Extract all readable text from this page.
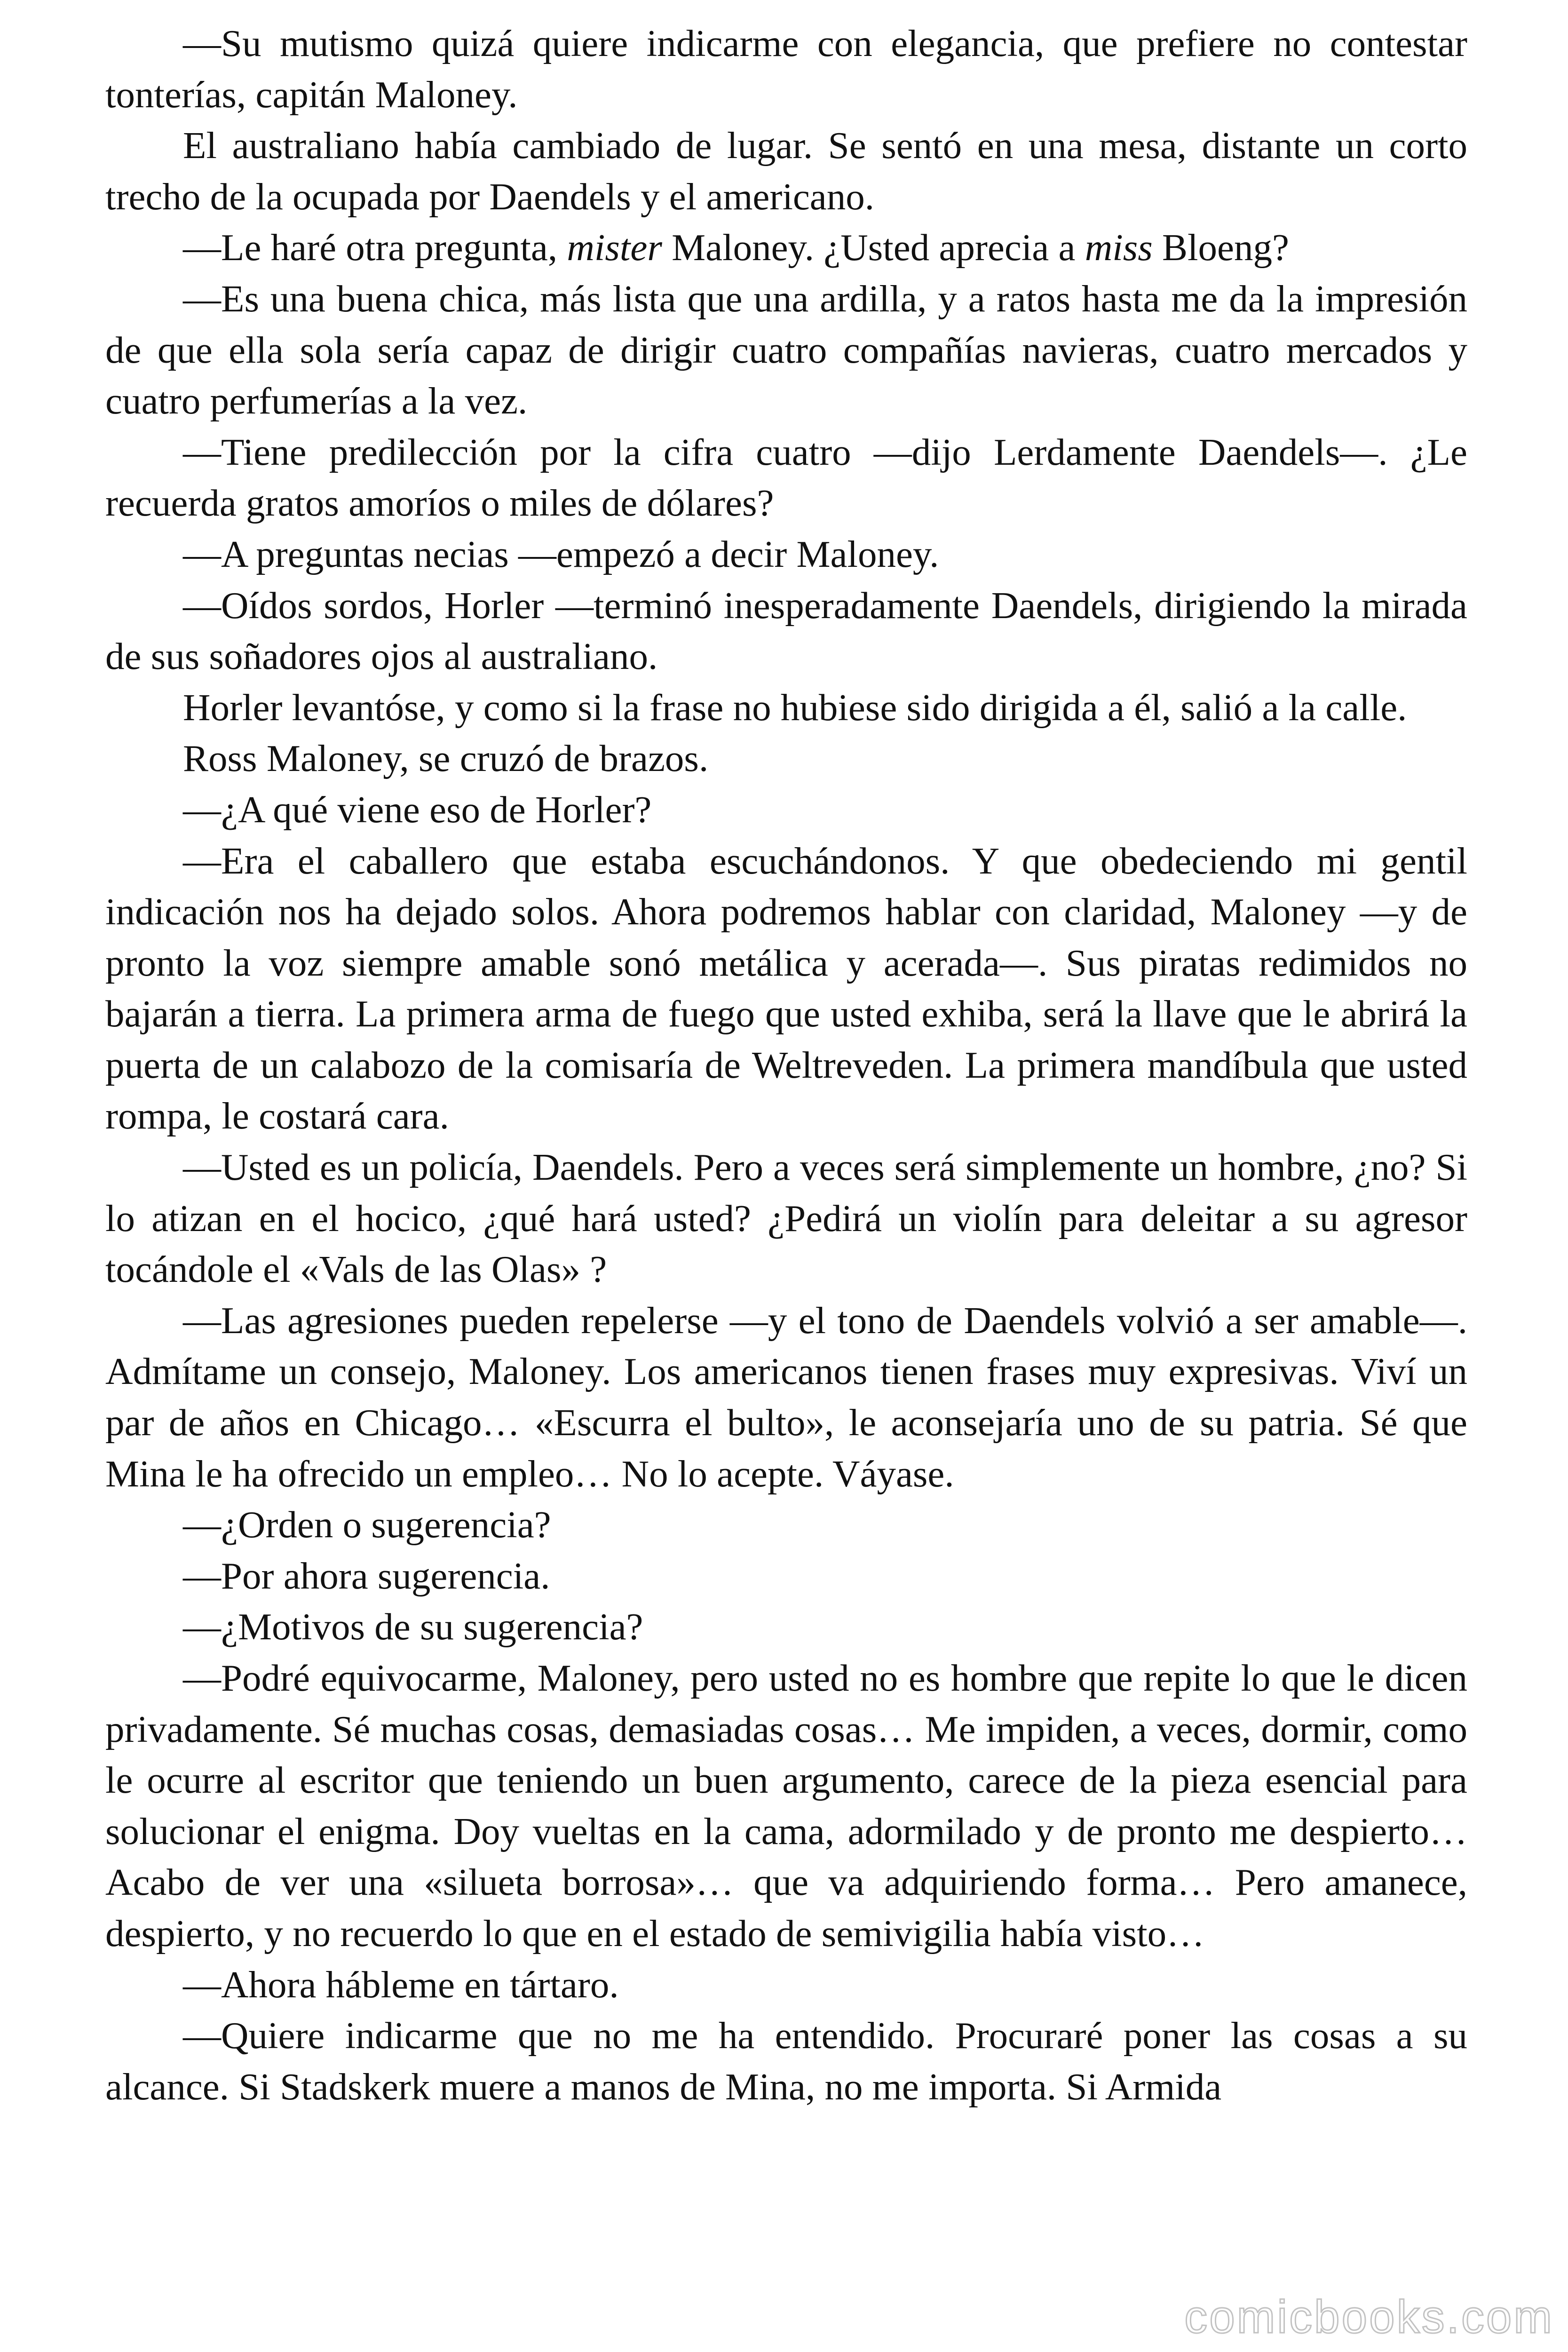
—Su mutismo quizá quiere indicarme con elegancia, que prefiere no contestar tonterías, capitán Maloney.

El australiano había cambiado de lugar. Se sentó en una mesa, distante un corto trecho de la ocupada por Daendels y el americano.

—Le haré otra pregunta, mister Maloney. ¿Usted aprecia a miss Bloeng?

—Es una buena chica, más lista que una ardilla, y a ratos hasta me da la impresión de que ella sola sería capaz de dirigir cuatro compañías navieras, cuatro mercados y cuatro perfumerías a la vez.

—Tiene predilección por la cifra cuatro —dijo Lerdamente Daendels—. ¿Le recuerda gratos amoríos o miles de dólares?

—A preguntas necias —empezó a decir Maloney.

—Oídos sordos, Horler —terminó inesperadamente Daendels, dirigiendo la mirada de sus soñadores ojos al australiano.

Horler levantóse, y como si la frase no hubiese sido dirigida a él, salió a la calle.

Ross Maloney, se cruzó de brazos.

—¿A qué viene eso de Horler?

—Era el caballero que estaba escuchándonos. Y que obedeciendo mi gentil indicación nos ha dejado solos. Ahora podremos hablar con claridad, Maloney —y de pronto la voz siempre amable sonó metálica y acerada—. Sus piratas redimidos no bajarán a tierra. La primera arma de fuego que usted exhiba, será la llave que le abrirá la puerta de un calabozo de la comisaría de Weltreveden. La primera mandíbula que usted rompa, le costará cara.

—Usted es un policía, Daendels. Pero a veces será simplemente un hombre, ¿no? Si lo atizan en el hocico, ¿qué hará usted? ¿Pedirá un violín para deleitar a su agresor tocándole el «Vals de las Olas» ?

—Las agresiones pueden repelerse —y el tono de Daendels volvió a ser amable—. Admítame un consejo, Maloney. Los americanos tienen frases muy expresivas. Viví un par de años en Chicago… «Escurra el bulto», le aconsejaría uno de su patria. Sé que Mina le ha ofrecido un empleo… No lo acepte. Váyase.

—¿Orden o sugerencia?

—Por ahora sugerencia.

—¿Motivos de su sugerencia?

—Podré equivocarme, Maloney, pero usted no es hombre que repite lo que le dicen privadamente. Sé muchas cosas, demasiadas cosas… Me impiden, a veces, dormir, como le ocurre al escritor que teniendo un buen argumento, carece de la pieza esencial para solucionar el enigma. Doy vueltas en la cama, adormilado y de pronto me despierto… Acabo de ver una «silueta borrosa»… que va adquiriendo forma… Pero amanece, despierto, y no recuerdo lo que en el estado de semivigilia había visto…

—Ahora hábleme en tártaro.

—Quiere indicarme que no me ha entendido. Procuraré poner las cosas a su alcance. Si Stadskerk muere a manos de Mina, no me importa. Si Armida

comicbooks.com
